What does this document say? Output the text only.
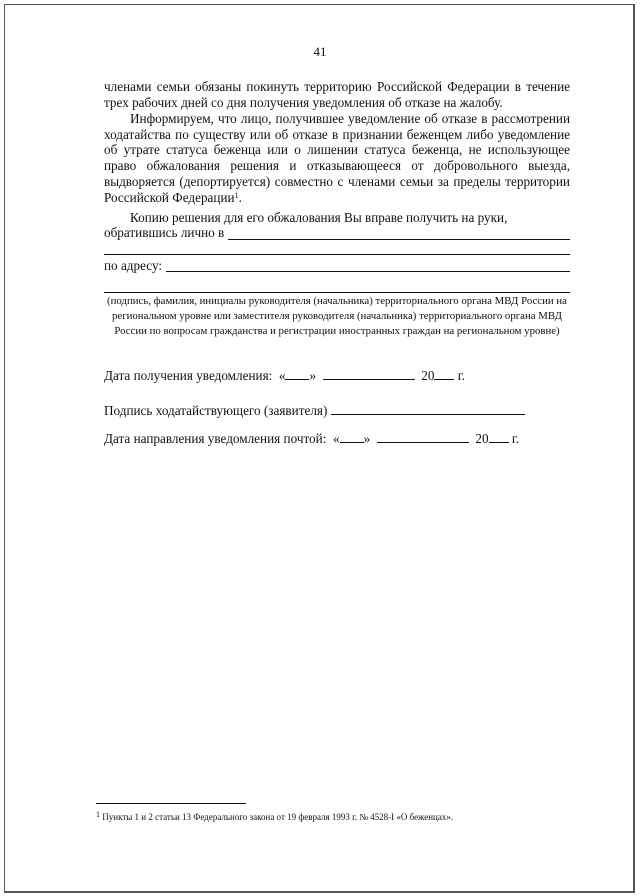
41
членами семьи обязаны покинуть территорию Российской Федерации в течение трех рабочих дней со дня получения уведомления об отказе на жалобу.
Информируем, что лицо, получившее уведомление об отказе в рассмотрении ходатайства по существу или об отказе в признании беженцем либо уведомление об утрате статуса беженца или о лишении статуса беженца, не использующее право обжалования решения и отказывающееся от добровольного выезда, выдворяется (депортируется) совместно с членами семьи за пределы территории Российской Федерации$^1$.
Копию решения для его обжалования Вы вправе получить на руки,
обратившись лично в
по адресу:
(подпись, фамилия, инициалы руководителя (начальника) территориального органа МВД России на региональном уровне или заместителя руководителя (начальника) территориального органа МВД России по вопросам гражданства и регистрации иностранных граждан на региональном уровне)
Дата получения уведомления: « »	20 г.
Подпись ходатайствующего (заявителя)
Дата направления уведомления почтой: « »	20 г.
1 Пункты 1 и 2 статьи 13 Федерального закона от 19 февраля 1993 г. № 4528-I «О беженцах».
